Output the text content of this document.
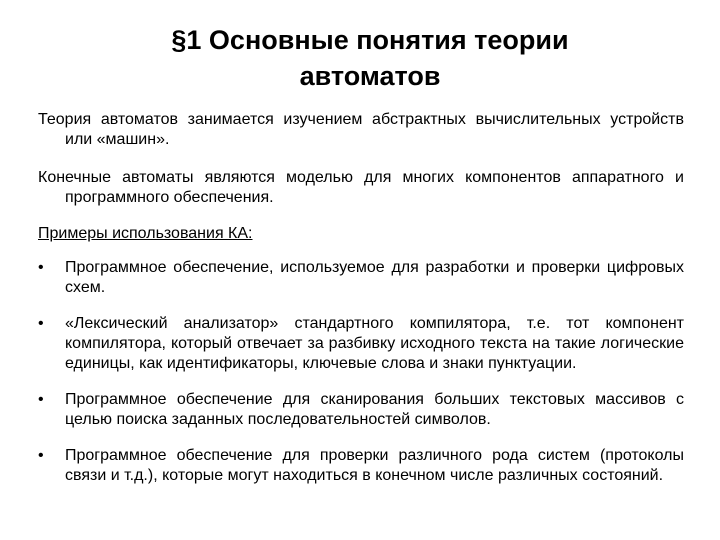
§1 Основные понятия теории
автоматов

Теория автоматов занимается изучением абстрактных вычислительных устройств или «машин».

Конечные автоматы являются моделью для многих компонентов аппаратного и программного обеспечения.

Примеры использования КА:

• Программное обеспечение, используемое для разработки и проверки цифровых схем.
• «Лексический анализатор» стандартного компилятора, т.е. тот компонент компилятора, который отвечает за разбивку исходного текста на такие логические единицы, как идентификаторы, ключевые слова и знаки пунктуации.
• Программное обеспечение для сканирования больших текстовых массивов с целью поиска заданных последовательностей символов.
• Программное обеспечение для проверки различного рода систем (протоколы связи и т.д.), которые могут находиться в конечном числе различных состояний.
